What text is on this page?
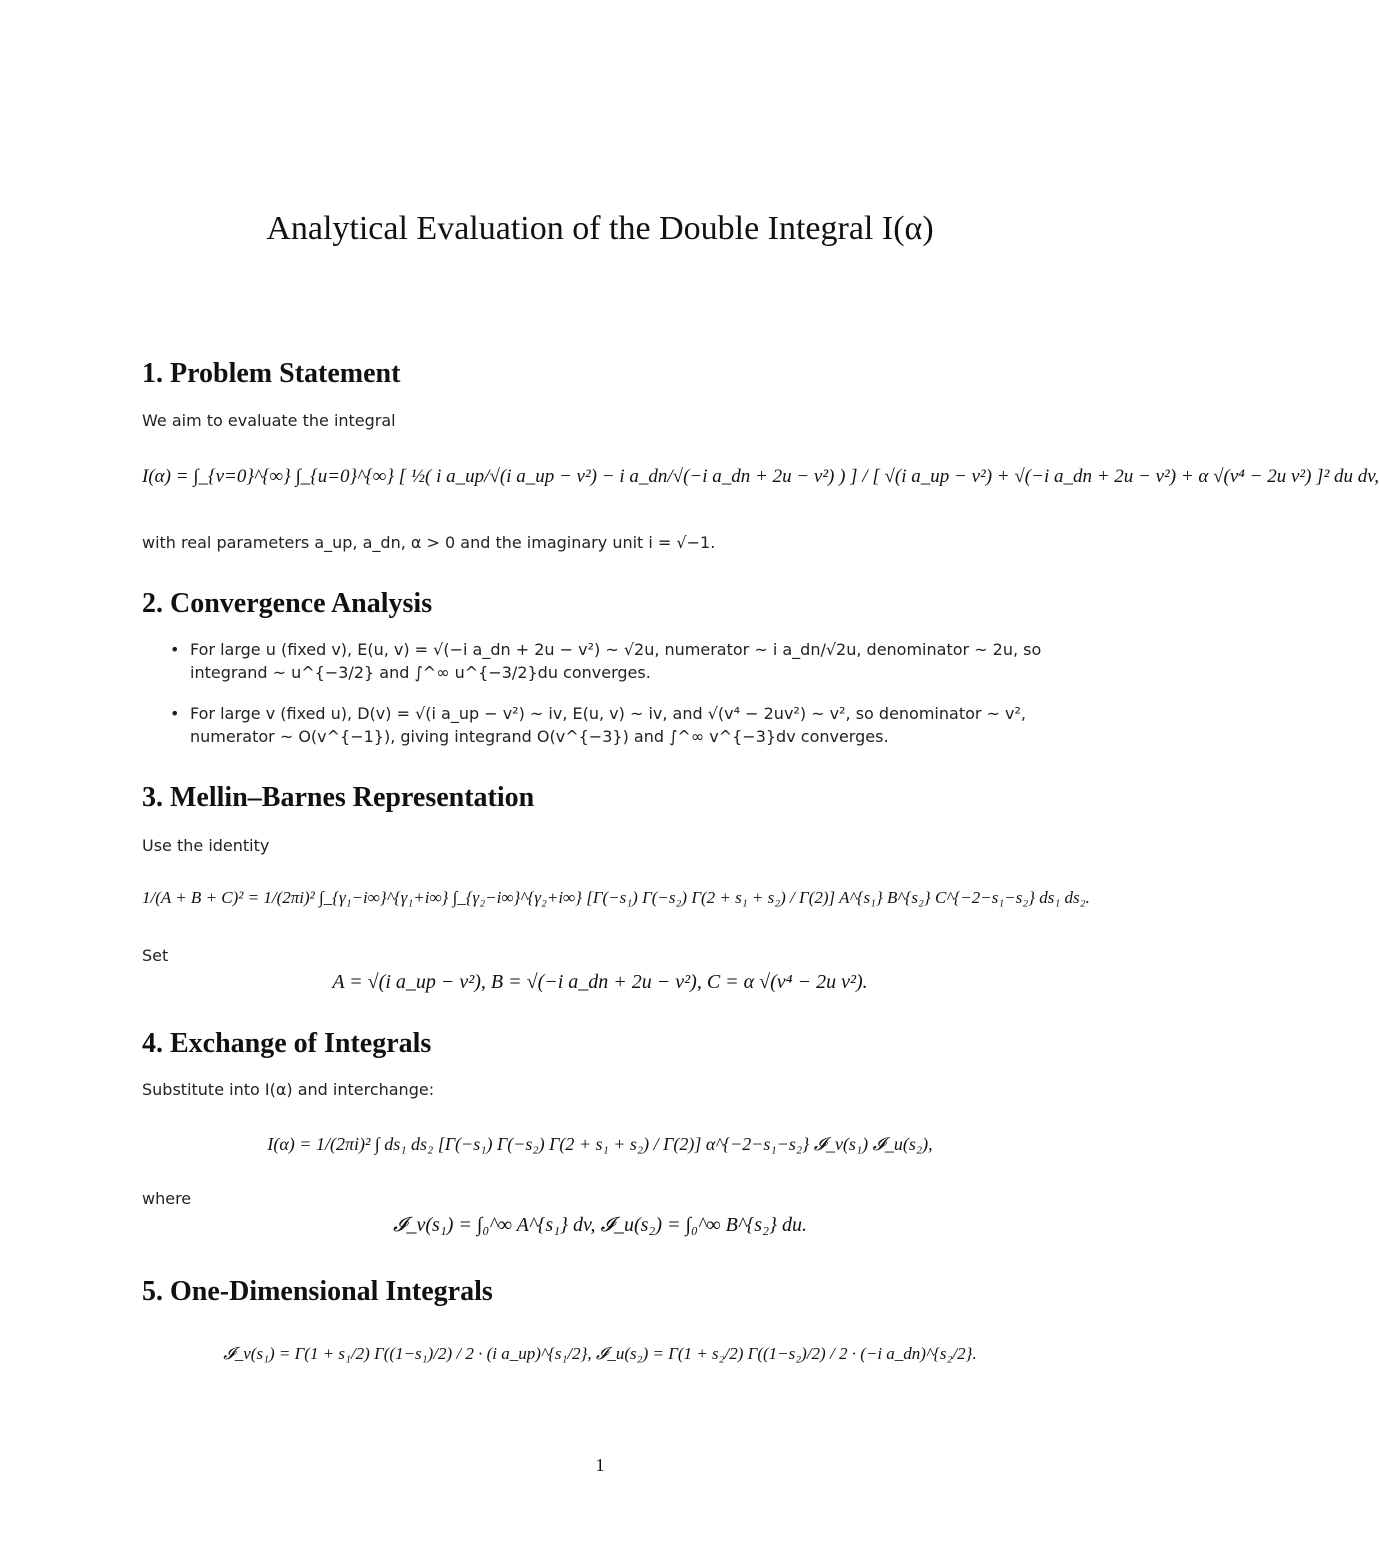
Analytical Evaluation of the Double Integral I(α)
1. Problem Statement

We aim to evaluate the integral

I(α) = ∫_{v=0}^{∞} ∫_{u=0}^{∞} [ ½( i a_up/√(i a_up − v²) − i a_dn/√(−i a_dn + 2u − v²) ) ] / [ √(i a_up − v²) + √(−i a_dn + 2u − v²) + α √(v⁴ − 2u v²) ]² du dv,

with real parameters a_up, a_dn, α > 0 and the imaginary unit i = √−1.

2. Convergence Analysis
• For large u (fixed v), E(u, v) = √(−i a_dn + 2u − v²) ~ √2u, numerator ~ i a_dn/√2u, denominator ~ 2u, so integrand ~ u^{−3/2} and ∫^∞ u^{−3/2}du converges.
• For large v (fixed u), D(v) = √(i a_up − v²) ~ iv, E(u, v) ~ iv, and √(v⁴ − 2uv²) ~ v², so denominator ~ v², numerator ~ O(v^{−1}), giving integrand O(v^{−3}) and ∫^∞ v^{−3}dv converges.
3. Mellin–Barnes Representation

Use the identity

1/(A + B + C)² = 1/(2πi)² ∫_{γ₁−i∞}^{γ₁+i∞} ∫_{γ₂−i∞}^{γ₂+i∞} [Γ(−s₁) Γ(−s₂) Γ(2 + s₁ + s₂) / Γ(2)] A^{s₁} B^{s₂} C^{−2−s₁−s₂} ds₁ ds₂.

Set

A = √(i a_up − v²), B = √(−i a_dn + 2u − v²), C = α √(v⁴ − 2u v²).
4. Exchange of Integrals

Substitute into I(α) and interchange:

I(α) = 1/(2πi)² ∫ ds₁ ds₂ [Γ(−s₁) Γ(−s₂) Γ(2 + s₁ + s₂) / Γ(2)] α^{−2−s₁−s₂} 𝓘_v(s₁) 𝓘_u(s₂),

where

𝓘_v(s₁) = ∫₀^∞ A^{s₁} dv, 𝓘_u(s₂) = ∫₀^∞ B^{s₂} du.
5. One-Dimensional Integrals
𝓘_v(s₁) = Γ(1 + s₁/2) Γ((1−s₁)/2) / 2 · (i a_up)^{s₁/2}, 𝓘_u(s₂) = Γ(1 + s₂/2) Γ((1−s₂)/2) / 2 · (−i a_dn)^{s₂/2}.
1
